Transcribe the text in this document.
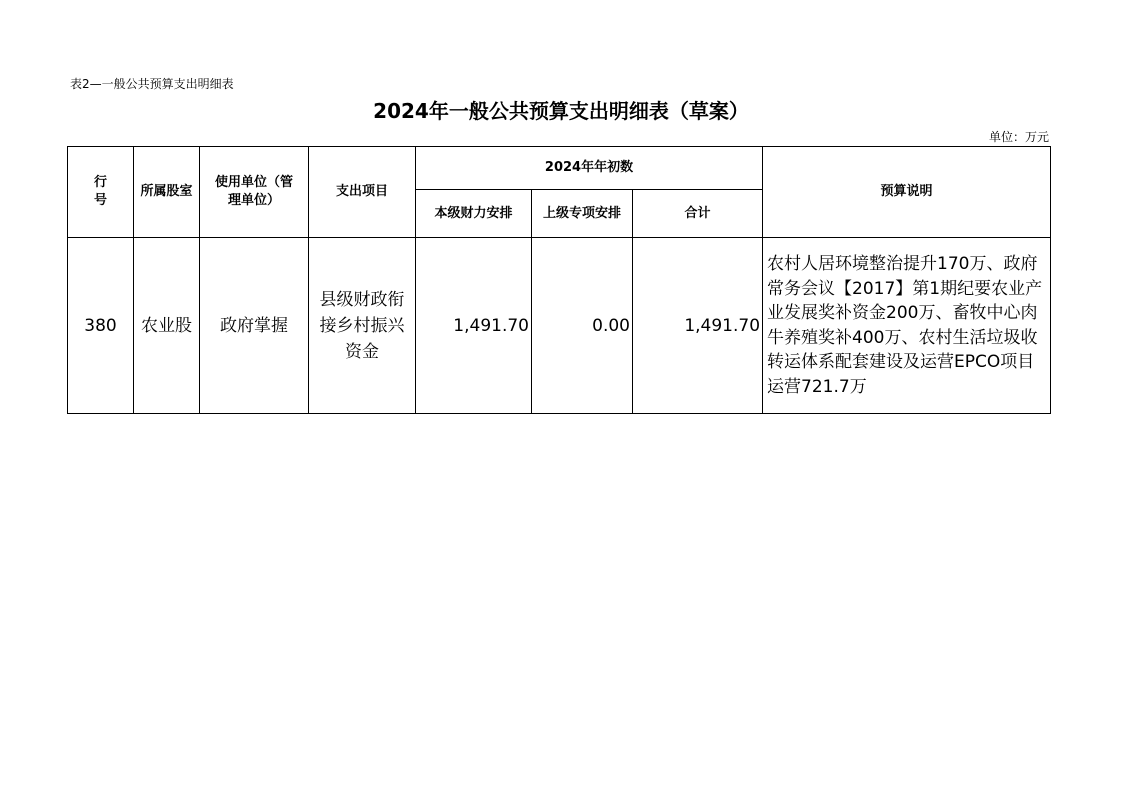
表2—一般公共预算支出明细表
2024年一般公共预算支出明细表（草案）
单位：万元
行号	所属股室	使用单位（管理单位）	支出项目	2024年年初数			预算说明
				本级财力安排	上级专项安排	合计	
380	农业股	政府掌握	县级财政衔接乡村振兴资金	1,491.70	0.00	1,491.70	农村人居环境整治提升170万、政府常务会议【2017】第1期纪要农业产业发展奖补资金200万、畜牧中心肉牛养殖奖补400万、农村生活垃圾收转运体系配套建设及运营EPCO项目运营721.7万
